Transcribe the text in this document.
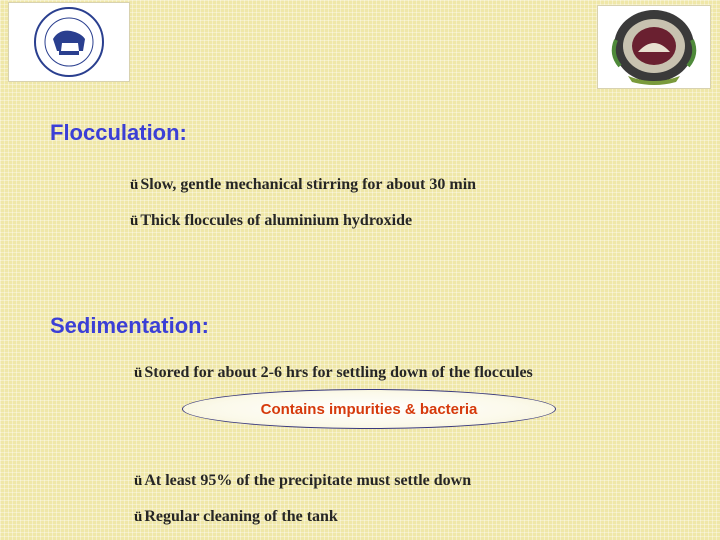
Flocculation:
ü Slow, gentle mechanical stirring for about 30 min
ü Thick floccules of aluminium hydroxide
Sedimentation:
ü Stored for about 2-6 hrs for settling down of the floccules
Contains impurities & bacteria
ü At least 95% of the precipitate must settle down
ü Regular cleaning of the tank
